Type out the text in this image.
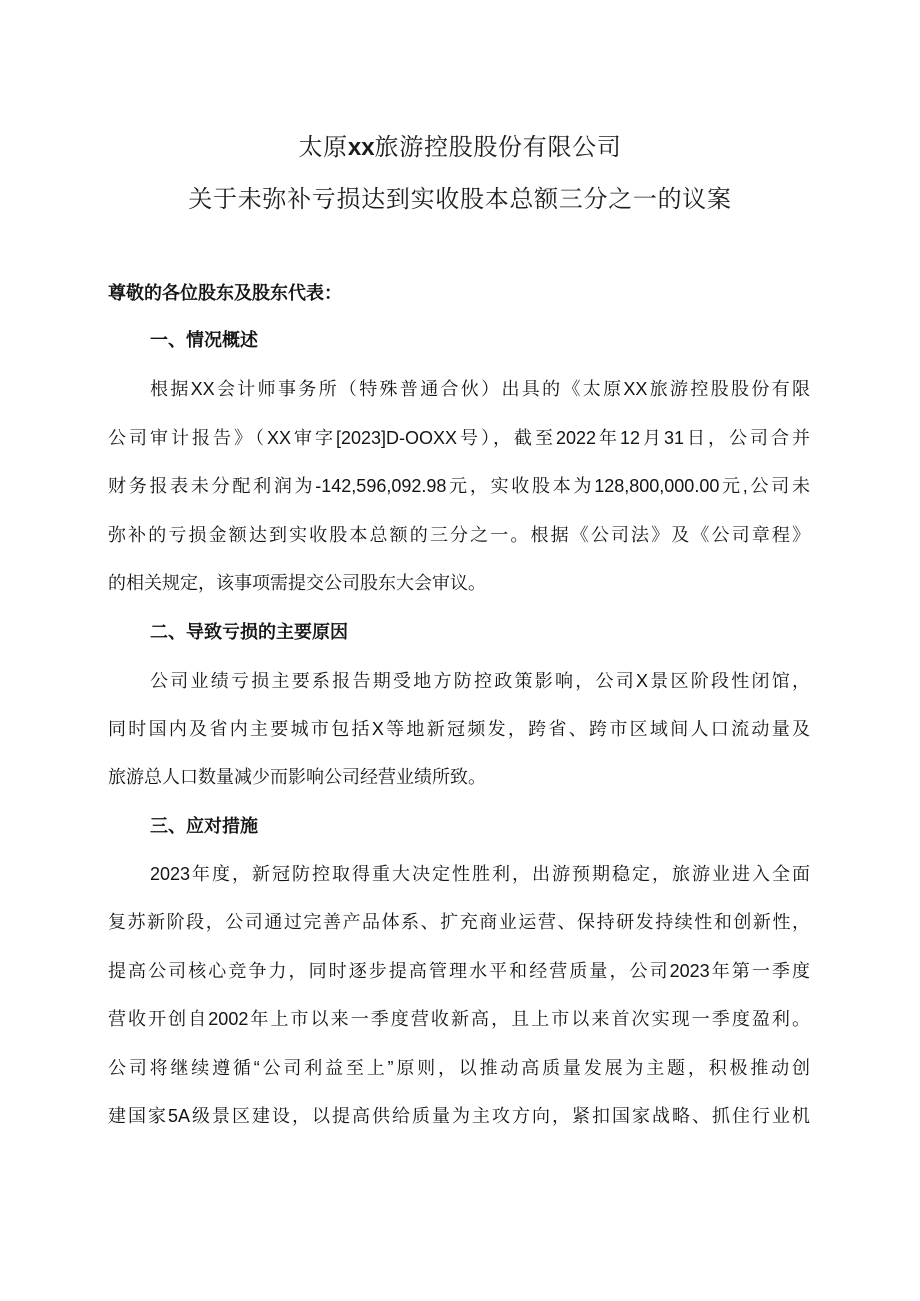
太原xx旅游控股股份有限公司
关于未弥补亏损达到实收股本总额三分之一的议案
尊敬的各位股东及股东代表：
一、情况概述
根据XX会计师事务所（特殊普通合伙）出具的《太原XX旅游控股股份有限
公司审计报告》（XX审字[2023]D-OOXX号），截至2022年12月31日，公司合并
财务报表未分配利润为-142,596,092.98元，实收股本为128,800,000.00元,公司未
弥补的亏损金额达到实收股本总额的三分之一。根据《公司法》及《公司章程》
的相关规定，该事项需提交公司股东大会审议。
二、导致亏损的主要原因
公司业绩亏损主要系报告期受地方防控政策影响，公司X景区阶段性闭馆，
同时国内及省内主要城市包括X等地新冠频发，跨省、跨市区域间人口流动量及
旅游总人口数量减少而影响公司经营业绩所致。
三、应对措施
2023年度，新冠防控取得重大决定性胜利，出游预期稳定，旅游业进入全面
复苏新阶段，公司通过完善产品体系、扩充商业运营、保持研发持续性和创新性，
提高公司核心竞争力，同时逐步提高管理水平和经营质量，公司2023年第一季度
营收开创自2002年上市以来一季度营收新高，且上市以来首次实现一季度盈利。
公司将继续遵循“公司利益至上”原则，以推动高质量发展为主题，积极推动创
建国家5A级景区建设，以提高供给质量为主攻方向，紧扣国家战略、抓住行业机
